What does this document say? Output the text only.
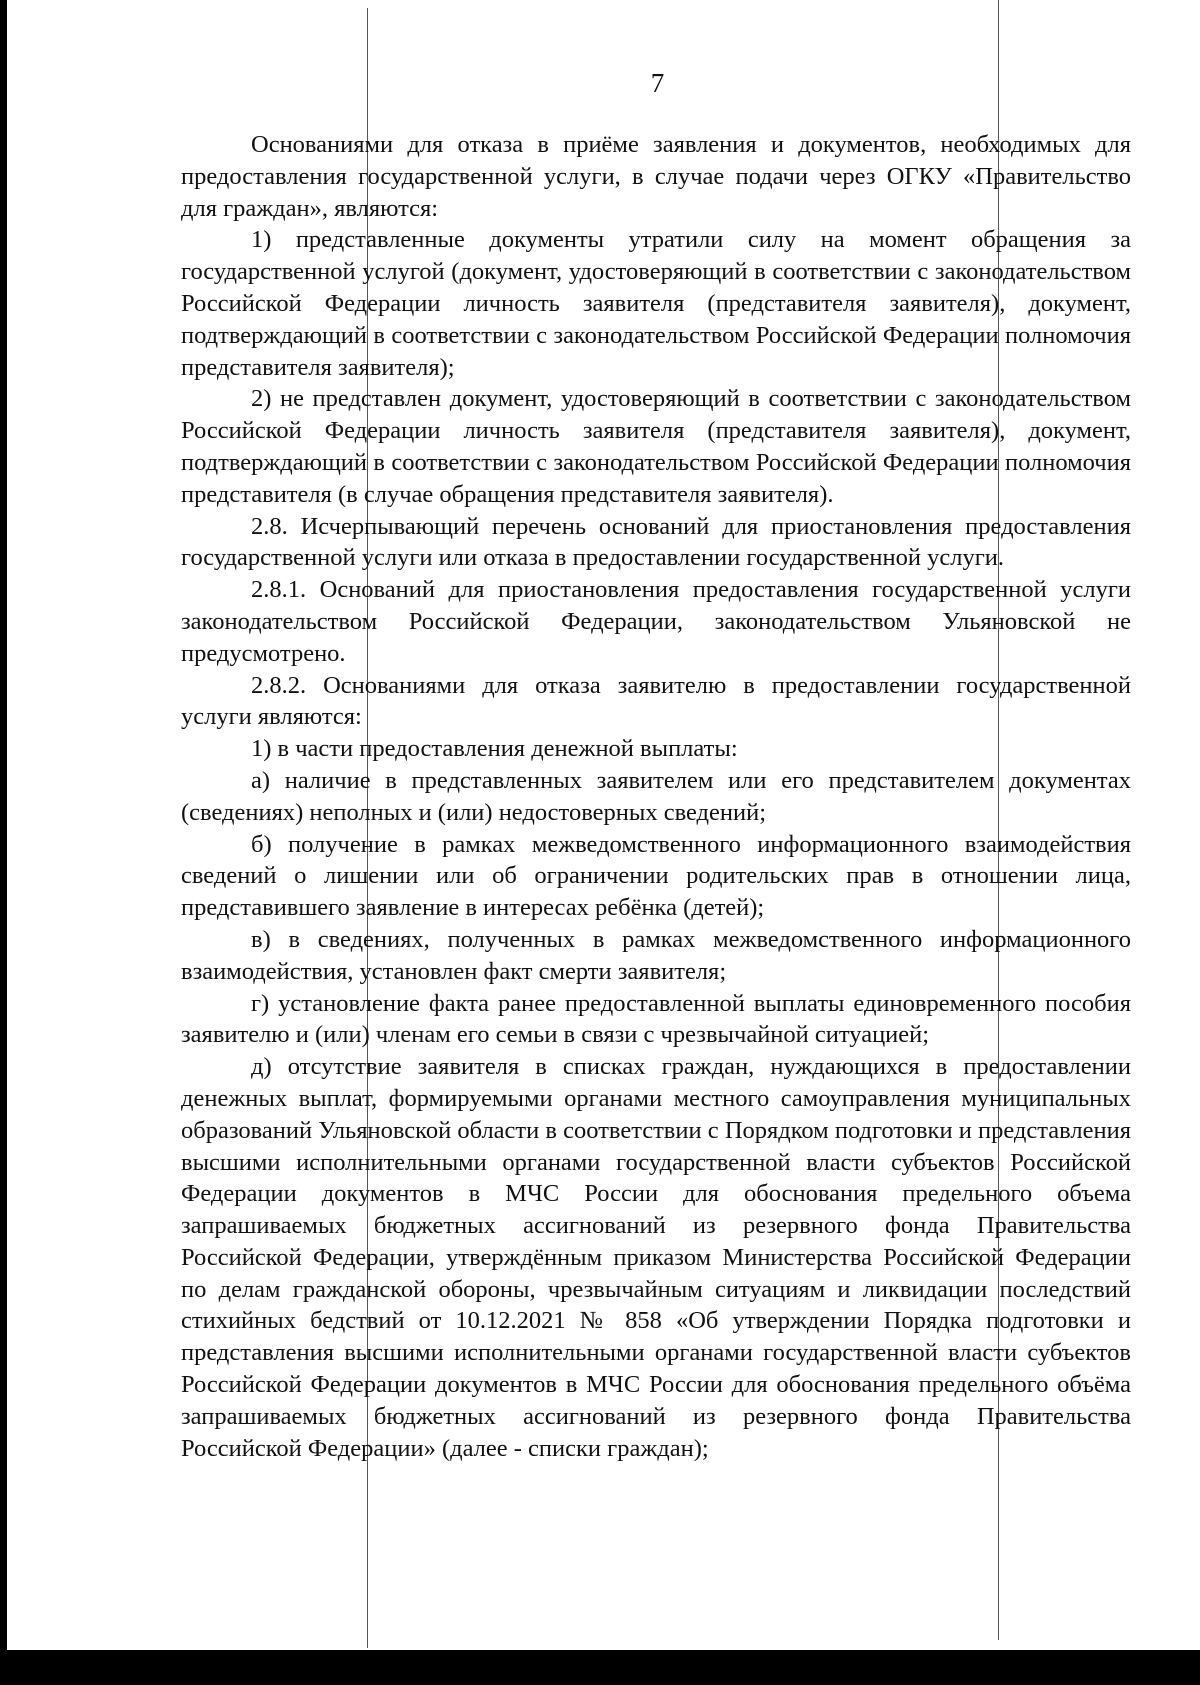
7

Основаниями для отказа в приёме заявления и документов, необходимых для предоставления государственной услуги, в случае подачи через ОГКУ «Правительство для граждан», являются:

1) представленные документы утратили силу на момент обращения за государственной услугой (документ, удостоверяющий в соответствии с законодательством Российской Федерации личность заявителя (представителя заявителя), документ, подтверждающий в соответствии с законодательством Российской Федерации полномочия представителя заявителя);

2) не представлен документ, удостоверяющий в соответствии с законодательством Российской Федерации личность заявителя (представителя заявителя), документ, подтверждающий в соответствии с законодательством Российской Федерации полномочия представителя (в случае обращения представителя заявителя).

2.8. Исчерпывающий перечень оснований для приостановления предоставления государственной услуги или отказа в предоставлении государственной услуги.

2.8.1. Оснований для приостановления предоставления государственной услуги законодательством Российской Федерации, законодательством Ульяновской не предусмотрено.

2.8.2. Основаниями для отказа заявителю в предоставлении государственной услуги являются:

1) в части предоставления денежной выплаты:

а) наличие в представленных заявителем или его представителем документах (сведениях) неполных и (или) недостоверных сведений;

б) получение в рамках межведомственного информационного взаимодействия сведений о лишении или об ограничении родительских прав в отношении лица, представившего заявление в интересах ребёнка (детей);

в) в сведениях, полученных в рамках межведомственного информационного взаимодействия, установлен факт смерти заявителя;

г) установление факта ранее предоставленной выплаты единовременного пособия заявителю и (или) членам его семьи в связи с чрезвычайной ситуацией;

д) отсутствие заявителя в списках граждан, нуждающихся в предоставлении денежных выплат, формируемыми органами местного самоуправления муниципальных образований Ульяновской области в соответствии с Порядком подготовки и представления высшими исполнительными органами государственной власти субъектов Российской Федерации документов в МЧС России для обоснования предельного объема запрашиваемых бюджетных ассигнований из резервного фонда Правительства Российской Федерации, утверждённым приказом Министерства Российской Федерации по делам гражданской обороны, чрезвычайным ситуациям и ликвидации последствий стихийных бедствий от 10.12.2021 № 858 «Об утверждении Порядка подготовки и представления высшими исполнительными органами государственной власти субъектов Российской Федерации документов в МЧС России для обоснования предельного объёма запрашиваемых бюджетных ассигнований из резервного фонда Правительства Российской Федерации» (далее - списки граждан);
